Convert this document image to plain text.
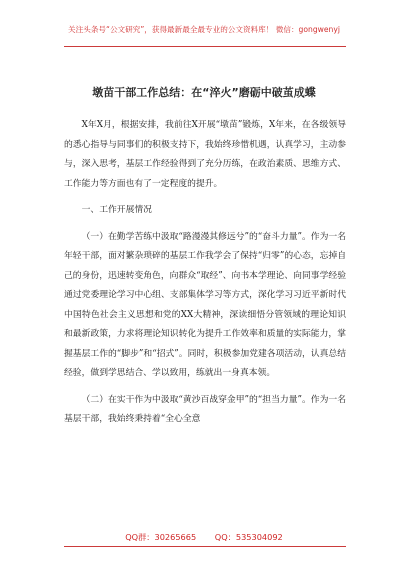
关注头条号“公文研究”，获得最新最全最专业的公文资料库！ 微信：gongwenyj
墩苗干部工作总结：在“淬火”磨砺中破茧成蝶

X年X月，根据安排，我前往X开展“墩苗”锻炼，X年来，在各级领导的悉心指导与同事们的积极支持下，我始终珍惜机遇，认真学习，主动参与，深入思考，基层工作经验得到了充分历练，在政治素质、思维方式、工作能力等方面也有了一定程度的提升。

一、工作开展情况

（一）在勤学苦练中汲取“路漫漫其修远兮”的“奋斗力量”。作为一名年轻干部，面对繁杂琐碎的基层工作我学会了保持“归零”的心态，忘掉自己的身份，迅速转变角色，向群众“取经”、向书本学理论、向同事学经验通过党委理论学习中心组、支部集体学习等方式，深化学习习近平新时代中国特色社会主义思想和党的XX大精神，深读细悟分管领域的理论知识和最新政策，力求将理论知识转化为提升工作效率和质量的实际能力，掌握基层工作的“脚步”和“招式”。同时，积极参加党建各项活动，认真总结经验，做到学思结合、学以致用，练就出一身真本领。

（二）在实干作为中汲取“黄沙百战穿金甲”的“担当力量”。作为一名基层干部，我始终秉持着“全心全意

QQ群：30265665 QQ：535304092
